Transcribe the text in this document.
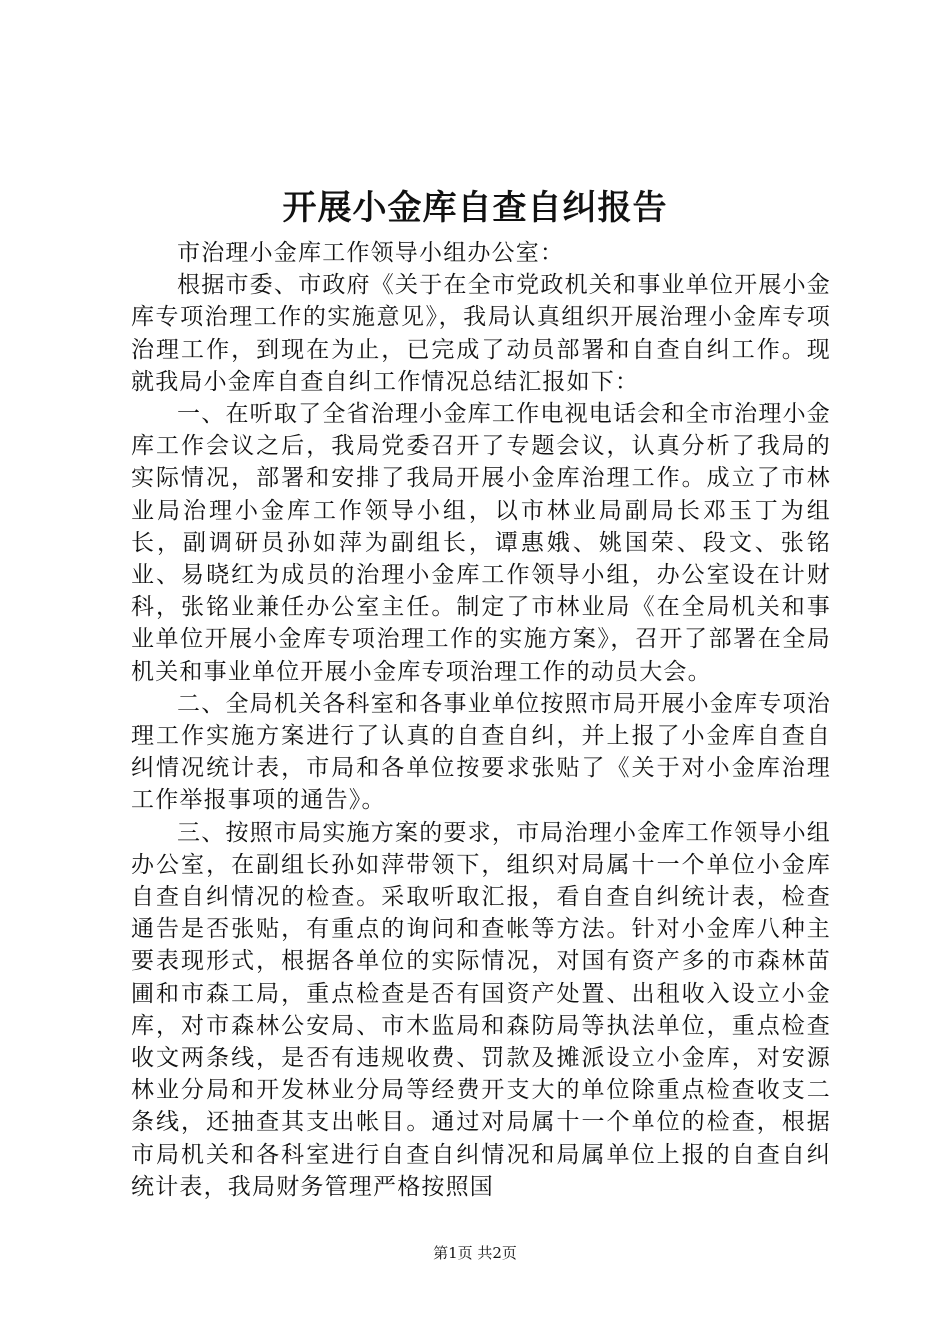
开展小金库自查自纠报告

市治理小金库工作领导小组办公室：

根据市委、市政府《关于在全市党政机关和事业单位开展小金库专项治理工作的实施意见》，我局认真组织开展治理小金库专项治理工作，到现在为止，已完成了动员部署和自查自纠工作。现就我局小金库自查自纠工作情况总结汇报如下：

一、在听取了全省治理小金库工作电视电话会和全市治理小金库工作会议之后，我局党委召开了专题会议，认真分析了我局的实际情况，部署和安排了我局开展小金库治理工作。成立了市林业局治理小金库工作领导小组，以市林业局副局长邓玉丁为组长，副调研员孙如萍为副组长，谭惠娥、姚国荣、段文、张铭业、易晓红为成员的治理小金库工作领导小组，办公室设在计财科，张铭业兼任办公室主任。制定了市林业局《在全局机关和事业单位开展小金库专项治理工作的实施方案》，召开了部署在全局机关和事业单位开展小金库专项治理工作的动员大会。

二、全局机关各科室和各事业单位按照市局开展小金库专项治理工作实施方案进行了认真的自查自纠，并上报了小金库自查自纠情况统计表，市局和各单位按要求张贴了《关于对小金库治理工作举报事项的通告》。

三、按照市局实施方案的要求，市局治理小金库工作领导小组办公室，在副组长孙如萍带领下，组织对局属十一个单位小金库自查自纠情况的检查。采取听取汇报，看自查自纠统计表，检查通告是否张贴，有重点的询问和查帐等方法。针对小金库八种主要表现形式，根据各单位的实际情况，对国有资产多的市森林苗圃和市森工局，重点检查是否有国资产处置、出租收入设立小金库，对市森林公安局、市木监局和森防局等执法单位，重点检查收文两条线，是否有违规收费、罚款及摊派设立小金库，对安源林业分局和开发林业分局等经费开支大的单位除重点检查收支二条线，还抽查其支出帐目。通过对局属十一个单位的检查，根据市局机关和各科室进行自查自纠情况和局属单位上报的自查自纠统计表，我局财务管理严格按照国

第1页 共2页
